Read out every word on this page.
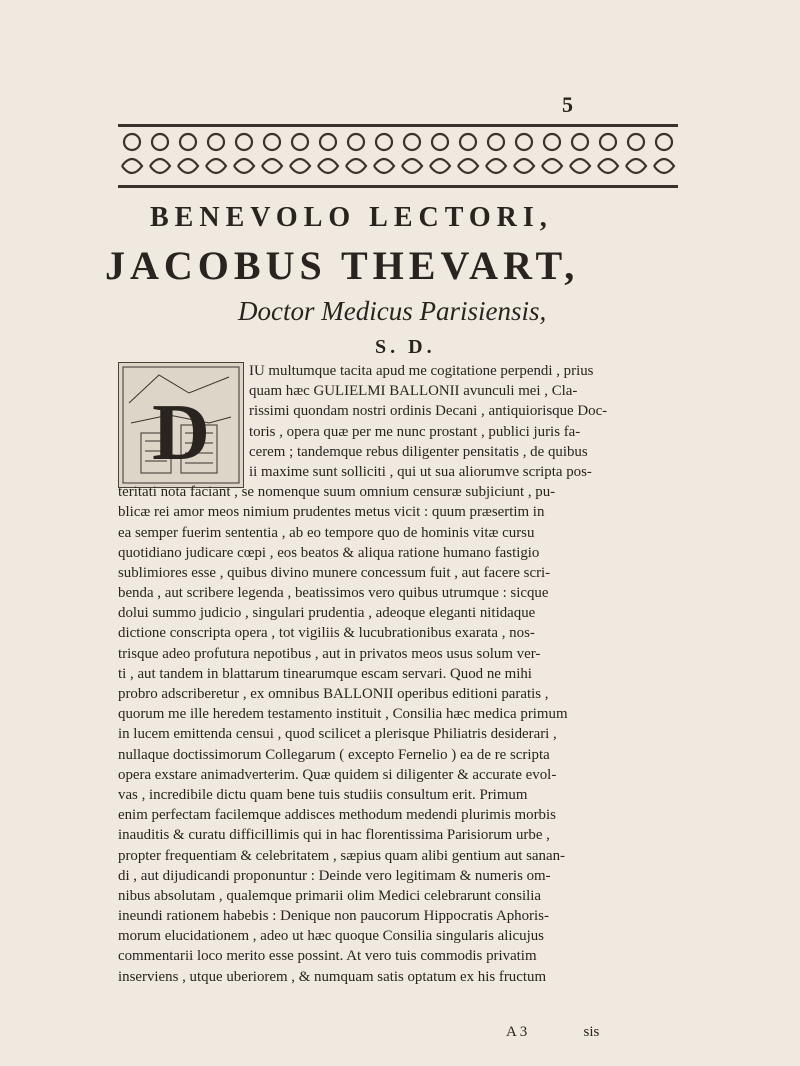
5
BENEVOLO LECTORI,
JACOBUS THEVART,
Doctor Medicus Parisiensis,
S. D.
D
IU multumque tacita apud me cogitatione perpendi , prius
quam hæc GULIELMI BALLONII avunculi mei , Cla-
rissimi quondam nostri ordinis Decani , antiquiorisque Doc-
toris , opera quæ per me nunc prostant , publici juris fa-
cerem ; tandemque rebus diligenter pensitatis , de quibus
ii maxime sunt solliciti , qui ut sua aliorumve scripta pos-
teritati nota faciant , se nomenque suum omnium censuræ subjiciunt , pu-
blicæ rei amor meos nimium prudentes metus vicit : quum præsertim in
ea semper fuerim sententia , ab eo tempore quo de hominis vitæ cursu
quotidiano judicare cœpi , eos beatos & aliqua ratione humano fastigio
sublimiores esse , quibus divino munere concessum fuit , aut facere scri-
benda , aut scribere legenda , beatissimos vero quibus utrumque : sicque
dolui summo judicio , singulari prudentia , adeoque eleganti nitidaque
dictione conscripta opera , tot vigiliis & lucubrationibus exarata , nos-
trisque adeo profutura nepotibus , aut in privatos meos usus solum ver-
ti , aut tandem in blattarum tinearumque escam servari. Quod ne mihi
probro adscriberetur , ex omnibus BALLONII operibus editioni paratis ,
quorum me ille heredem testamento instituit , Consilia hæc medica primum
in lucem emittenda censui , quod scilicet a plerisque Philiatris desiderari ,
nullaque doctissimorum Collegarum ( excepto Fernelio ) ea de re scripta
opera exstare animadverterim. Quæ quidem si diligenter & accurate evol-
vas , incredibile dictu quam bene tuis studiis consultum erit. Primum
enim perfectam facilemque addisces methodum medendi plurimis morbis
inauditis & curatu difficillimis qui in hac florentissima Parisiorum urbe ,
propter frequentiam & celebritatem , sæpius quam alibi gentium aut sanan-
di , aut dijudicandi proponuntur : Deinde vero legitimam & numeris om-
nibus absolutam , qualemque primarii olim Medici celebrarunt consilia
ineundi rationem habebis : Denique non paucorum Hippocratis Aphoris-
morum elucidationem , adeo ut hæc quoque Consilia singularis alicujus
commentarii loco merito esse possint. At vero tuis commodis privatim
inserviens , utque uberiorem , & numquam satis optatum ex his fructum
A 3	sis
